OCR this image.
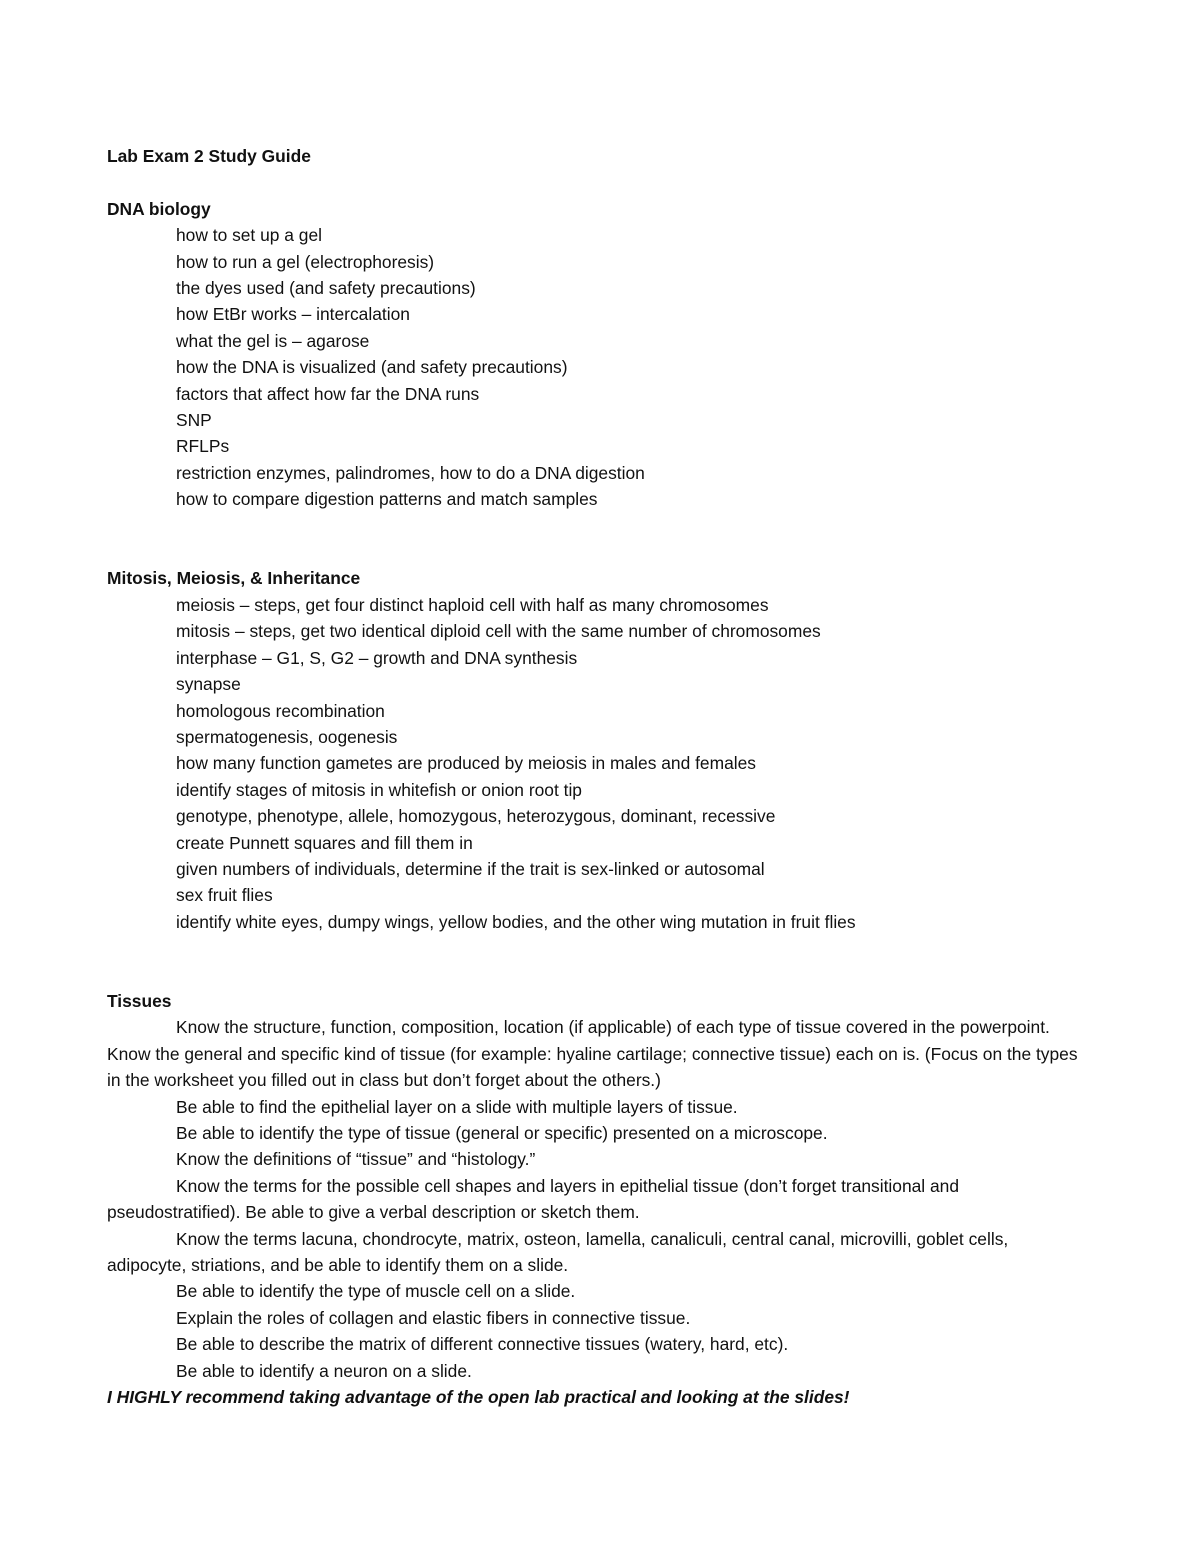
Lab Exam 2 Study Guide

DNA biology

how to set up a gel
how to run a gel (electrophoresis)
the dyes used (and safety precautions)
how EtBr works – intercalation
what the gel is – agarose
how the DNA is visualized (and safety precautions)
factors that affect how far the DNA runs
SNP
RFLPs
restriction enzymes, palindromes, how to do a DNA digestion
how to compare digestion patterns and match samples

Mitosis, Meiosis, & Inheritance

meiosis – steps, get four distinct haploid cell with half as many chromosomes
mitosis – steps, get two identical diploid cell with the same number of chromosomes
interphase – G1, S, G2 – growth and DNA synthesis
synapse
homologous recombination
spermatogenesis, oogenesis
how many function gametes are produced by meiosis in males and females
identify stages of mitosis in whitefish or onion root tip
genotype, phenotype, allele, homozygous, heterozygous, dominant, recessive
create Punnett squares and fill them in
given numbers of individuals, determine if the trait is sex-linked or autosomal
sex fruit flies
identify white eyes, dumpy wings, yellow bodies, and the other wing mutation in fruit flies

Tissues

Know the structure, function, composition, location (if applicable) of each type of tissue covered in the powerpoint. Know the general and specific kind of tissue (for example: hyaline cartilage; connective tissue) each on is. (Focus on the types in the worksheet you filled out in class but don’t forget about the others.)

Be able to find the epithelial layer on a slide with multiple layers of tissue.

Be able to identify the type of tissue (general or specific) presented on a microscope.

Know the definitions of “tissue” and “histology.”

Know the terms for the possible cell shapes and layers in epithelial tissue (don’t forget transitional and pseudostratified). Be able to give a verbal description or sketch them.

Know the terms lacuna, chondrocyte, matrix, osteon, lamella, canaliculi, central canal, microvilli, goblet cells, adipocyte, striations, and be able to identify them on a slide.

Be able to identify the type of muscle cell on a slide.

Explain the roles of collagen and elastic fibers in connective tissue.

Be able to describe the matrix of different connective tissues (watery, hard, etc).

Be able to identify a neuron on a slide.

I HIGHLY recommend taking advantage of the open lab practical and looking at the slides!
